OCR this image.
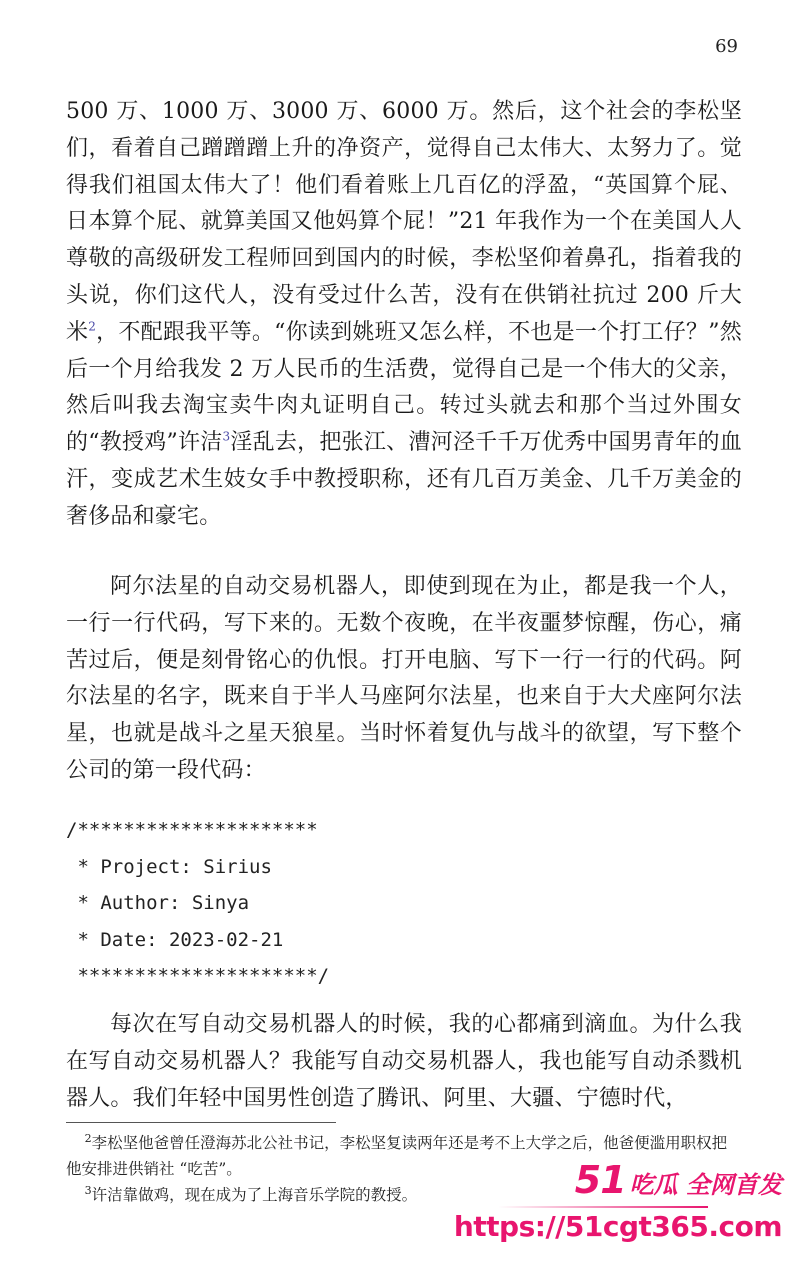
69

500 万、1000 万、3000 万、6000 万。然后，这个社会的李松坚们，看着自己蹭蹭蹭上升的净资产，觉得自己太伟大、太努力了。觉得我们祖国太伟大了！他们看着账上几百亿的浮盈，“英国算个屁、日本算个屁、就算美国又他妈算个屁！”21 年我作为一个在美国人人尊敬的高级研发工程师回到国内的时候，李松坚仰着鼻孔，指着我的头说，你们这代人，没有受过什么苦，没有在供销社抗过 200 斤大米$^2$，不配跟我平等。“你读到姚班又怎么样，不也是一个打工仔？”然后一个月给我发 2 万人民币的生活费，觉得自己是一个伟大的父亲，然后叫我去淘宝卖牛肉丸证明自己。转过头就去和那个当过外围女的“教授鸡”许洁$^3$淫乱去，把张江、漕河泾千千万优秀中国男青年的血汗，变成艺术生妓女手中教授职称，还有几百万美金、几千万美金的奢侈品和豪宅。

阿尔法星的自动交易机器人，即使到现在为止，都是我一个人，一行一行代码，写下来的。无数个夜晚，在半夜噩梦惊醒，伤心，痛苦过后，便是刻骨铭心的仇恨。打开电脑、写下一行一行的代码。阿尔法星的名字，既来自于半人马座阿尔法星，也来自于大犬座阿尔法星，也就是战斗之星天狼星。当时怀着复仇与战斗的欲望，写下整个公司的第一段代码：

/*********************
* Project: Sirius
* Author: Sinya
* Date: 2023-02-21
*********************/

每次在写自动交易机器人的时候，我的心都痛到滴血。为什么我在写自动交易机器人？我能写自动交易机器人，我也能写自动杀戮机器人。我们年轻中国男性创造了腾讯、阿里、大疆、宁德时代，

$^2$李松坚他爸曾任澄海苏北公社书记，李松坚复读两年还是考不上大学之后，他爸便滥用职权把他安排进供销社 “吃苦”。

$^3$许洁靠做鸡，现在成为了上海音乐学院的教授。	51 吃瓜 全网首发
https://51cgt365.com
